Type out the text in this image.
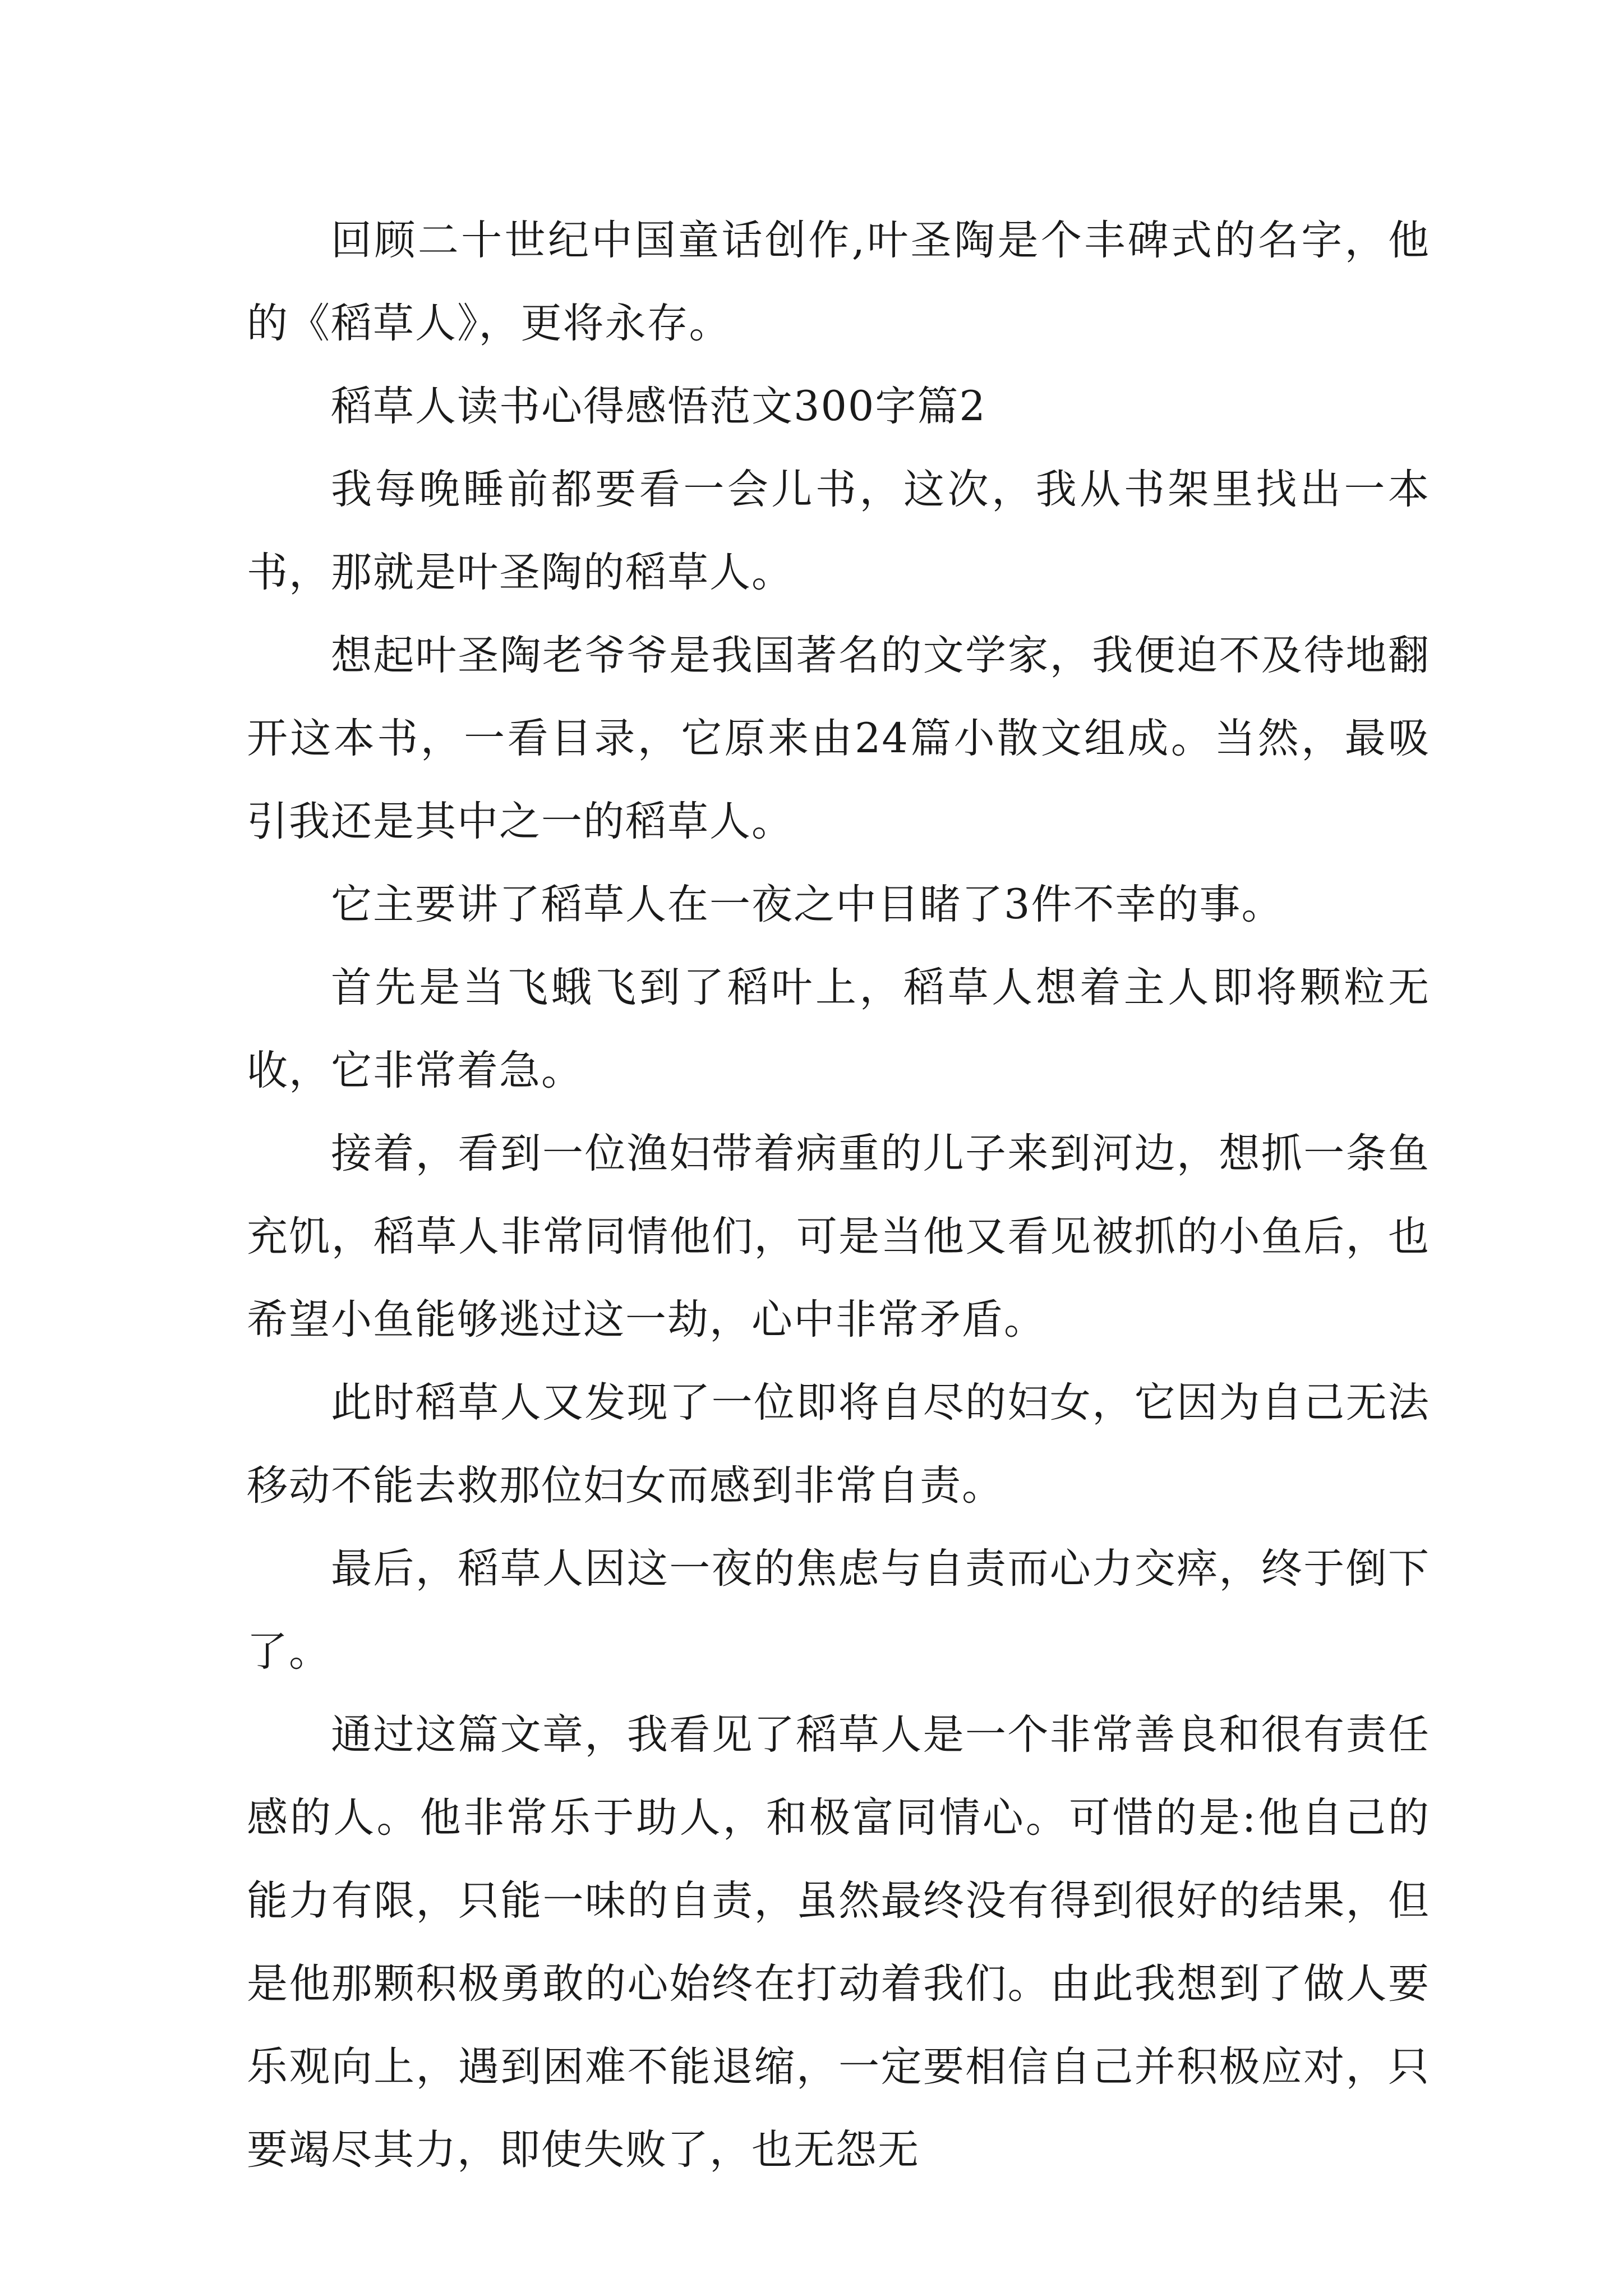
回顾二十世纪中国童话创作,叶圣陶是个丰碑式的名字，他的《稻草人》，更将永存。

稻草人读书心得感悟范文300字篇2

我每晚睡前都要看一会儿书，这次，我从书架里找出一本书，那就是叶圣陶的稻草人。

想起叶圣陶老爷爷是我国著名的文学家，我便迫不及待地翻开这本书，一看目录，它原来由24篇小散文组成。当然，最吸引我还是其中之一的稻草人。

它主要讲了稻草人在一夜之中目睹了3件不幸的事。

首先是当飞蛾飞到了稻叶上，稻草人想着主人即将颗粒无收，它非常着急。

接着，看到一位渔妇带着病重的儿子来到河边，想抓一条鱼充饥，稻草人非常同情他们，可是当他又看见被抓的小鱼后，也希望小鱼能够逃过这一劫，心中非常矛盾。

此时稻草人又发现了一位即将自尽的妇女，它因为自己无法移动不能去救那位妇女而感到非常自责。

最后，稻草人因这一夜的焦虑与自责而心力交瘁，终于倒下了。

通过这篇文章，我看见了稻草人是一个非常善良和很有责任感的人。他非常乐于助人，和极富同情心。可惜的是:他自己的能力有限，只能一味的自责，虽然最终没有得到很好的结果，但是他那颗积极勇敢的心始终在打动着我们。由此我想到了做人要乐观向上，遇到困难不能退缩，一定要相信自己并积极应对，只要竭尽其力，即使失败了，也无怨无
